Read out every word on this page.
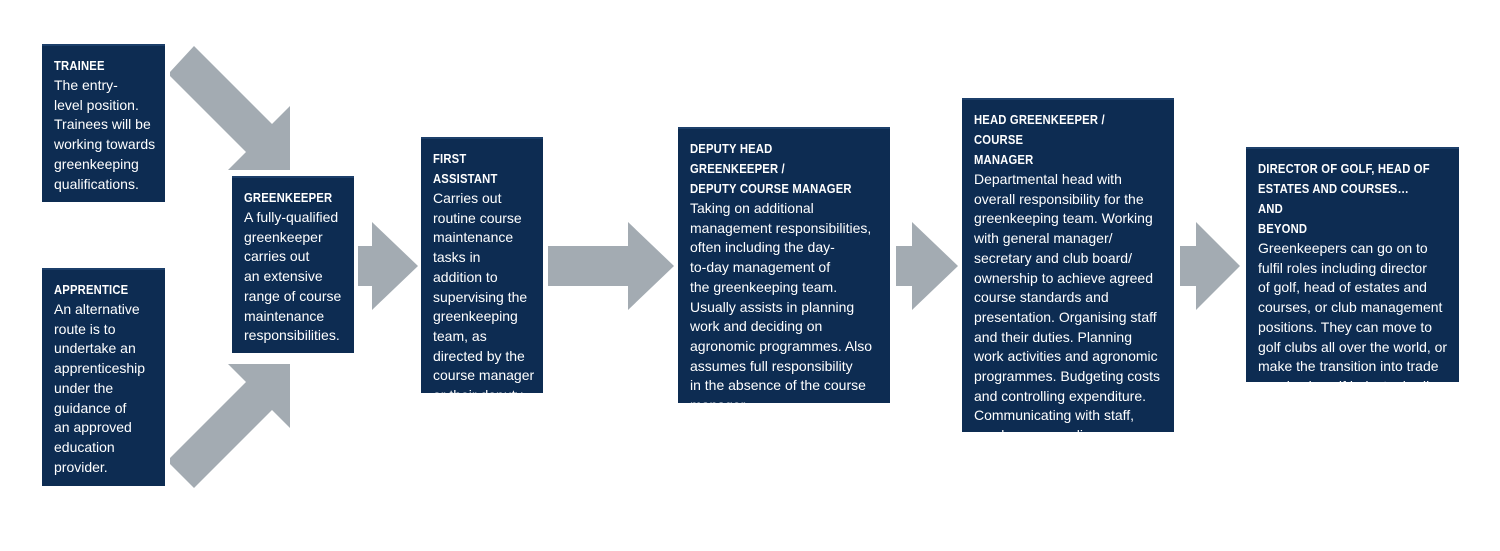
TRAINEE
The entry-
level position.
Trainees will be
working towards
greenkeeping
qualifications.
APPRENTICE
An alternative
route is to
undertake an
apprenticeship
under the
guidance of
an approved
education
provider.
GREENKEEPER
A fully-qualified
greenkeeper
carries out
an extensive
range of course
maintenance
responsibilities.
FIRST ASSISTANT
Carries out
routine course
maintenance
tasks in
addition to
supervising the
greenkeeping
team, as
directed by the
course manager
or their deputy.
DEPUTY HEAD GREENKEEPER /
DEPUTY COURSE MANAGER
Taking on additional
management responsibilities,
often including the day-
to-day management of
the greenkeeping team.
Usually assists in planning
work and deciding on
agronomic programmes. Also
assumes full responsibility
in the absence of the course
manager.
HEAD GREENKEEPER / COURSE
MANAGER
Departmental head with
overall responsibility for the
greenkeeping team. Working
with general manager/
secretary and club board/
ownership to achieve agreed
course standards and
presentation. Organising staff
and their duties. Planning
work activities and agronomic
programmes. Budgeting costs
and controlling expenditure.
Communicating with staff,
employers, suppliers.
DIRECTOR OF GOLF, HEAD OF
ESTATES AND COURSES…AND
BEYOND
Greenkeepers can go on to
fulfil roles including director
of golf, head of estates and
courses, or club management
positions. They can move to
golf clubs all over the world, or
make the transition into trade
or roles in golf industry bodies.
